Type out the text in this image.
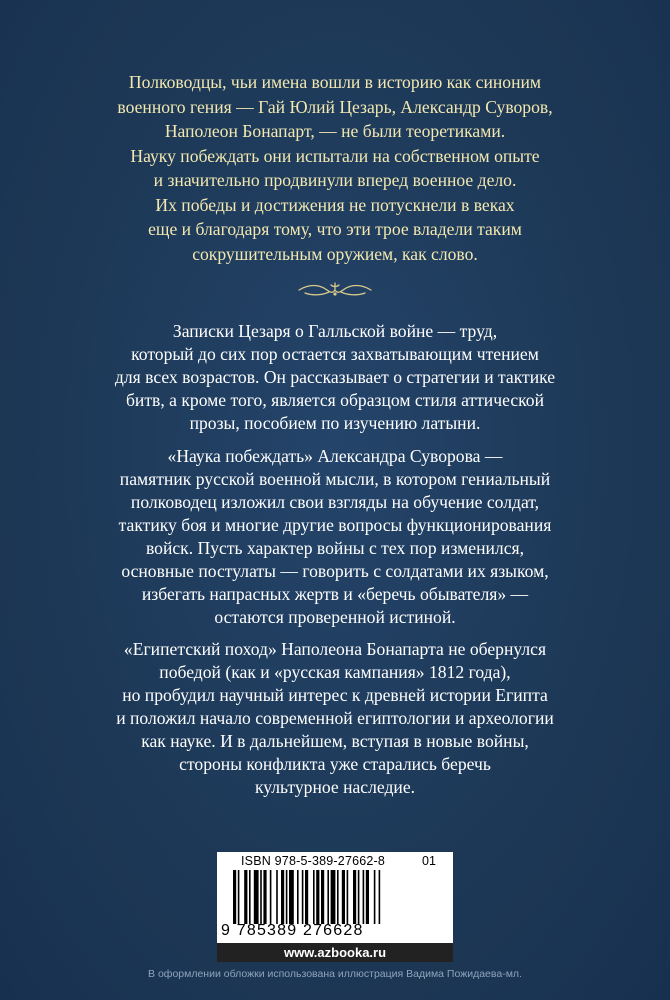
Полководцы, чьи имена вошли в историю как синоним
военного гения — Гай Юлий Цезарь, Александр Суворов,
Наполеон Бонапарт, — не были теоретиками.
Науку побеждать они испытали на собственном опыте
и значительно продвинули вперед военное дело.
Их победы и достижения не потускнели в веках
еще и благодаря тому, что эти трое владели таким
сокрушительным оружием, как слово.
Записки Цезаря о Галльской войне — труд,
который до сих пор остается захватывающим чтением
для всех возрастов. Он рассказывает о стратегии и тактике
битв, а кроме того, является образцом стиля аттической
прозы, пособием по изучению латыни.
«Наука побеждать» Александра Суворова —
памятник русской военной мысли, в котором гениальный
полководец изложил свои взгляды на обучение солдат,
тактику боя и многие другие вопросы функционирования
войск. Пусть характер войны с тех пор изменился,
основные постулаты — говорить с солдатами их языком,
избегать напрасных жертв и «беречь обывателя» —
остаются проверенной истиной.
«Египетский поход» Наполеона Бонапарта не обернулся
победой (как и «русская кампания» 1812 года),
но пробудил научный интерес к древней истории Египта
и положил начало современной египтологии и археологии
как науке. И в дальнейшем, вступая в новые войны,
стороны конфликта уже старались беречь
культурное наследие.
ISBN 978-5-389-27662-8	01
9 785389 276628
www.azbooka.ru
В оформлении обложки использована иллюстрация Вадима Пожидаева-мл.
